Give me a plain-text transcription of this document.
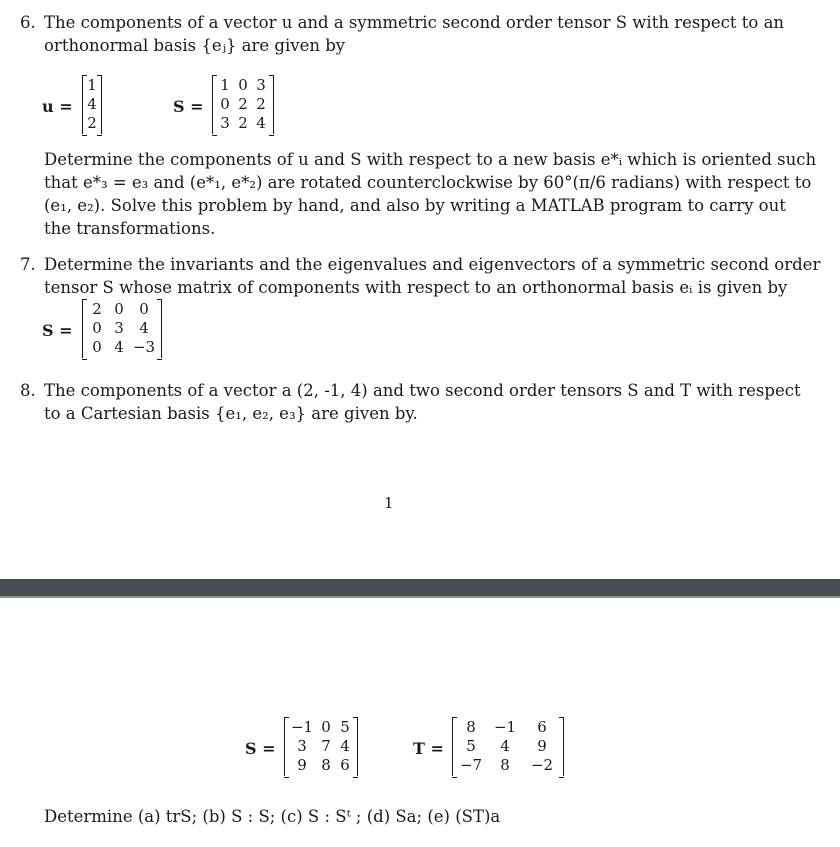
6. The components of a vector u and a symmetric second order tensor S with respect to an
orthonormal basis {eⱼ} are given by
u =
1
4
2
S =
1 0 3
0 2 2
3 2 4
Determine the components of u and S with respect to a new basis e*ᵢ which is oriented such
that e*₃ = e₃ and (e*₁, e*₂) are rotated counterclockwise by 60°(π/6 radians) with respect to
(e₁, e₂). Solve this problem by hand, and also by writing a MATLAB program to carry out
the transformations.
7. Determine the invariants and the eigenvalues and eigenvectors of a symmetric second order
tensor S whose matrix of components with respect to an orthonormal basis eᵢ is given by
S =
2 0	0
0 3	4
0 4 −3
8. The components of a vector a (2, -1, 4) and two second order tensors S and T with respect
to a Cartesian basis {e₁, e₂, e₃} are given by.
1
S =
−1 0 5
3 7 4
9 8 6
T =
8	−1	6
5	4	9
−7	8	−2
Determine (a) trS; (b) S : S; (c) S : Sᵗ ; (d) Sa; (e) (ST)a
